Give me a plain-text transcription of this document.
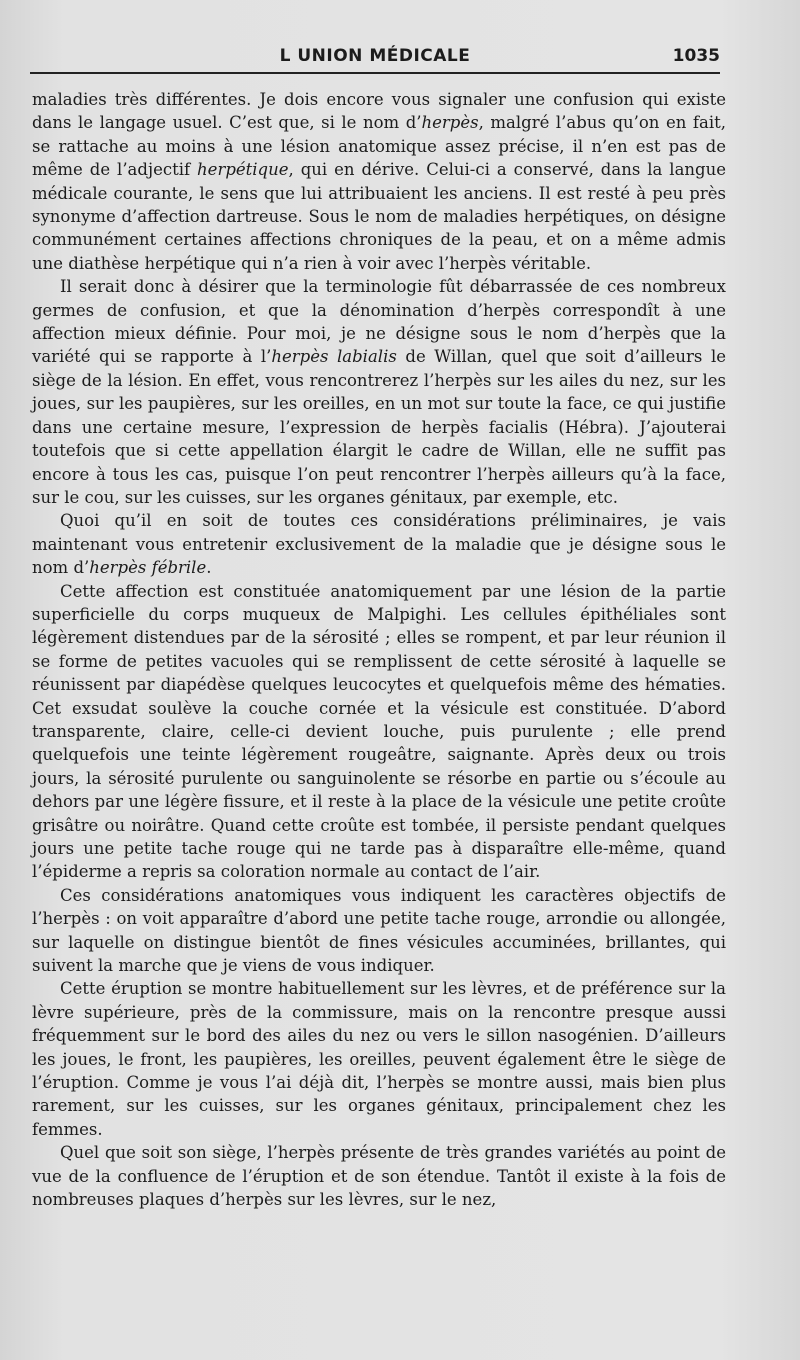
L UNION MÉDICALE	1035

maladies très différentes. Je dois encore vous signaler une confusion qui existe dans le langage usuel. C’est que, si le nom d’herpès, malgré l’abus qu’on en fait, se rattache au moins à une lésion anatomique assez précise, il n’en est pas de même de l’adjectif herpétique, qui en dérive. Celui-ci a conservé, dans la langue médicale courante, le sens que lui attribuaient les anciens. Il est resté à peu près synonyme d’affection dartreuse. Sous le nom de maladies herpétiques, on désigne communément certaines affections chroniques de la peau, et on a même admis une diathèse herpétique qui n’a rien à voir avec l’herpès véritable.

Il serait donc à désirer que la terminologie fût débarrassée de ces nombreux germes de confusion, et que la dénomination d’herpès correspondît à une affection mieux définie. Pour moi, je ne désigne sous le nom d’herpès que la variété qui se rapporte à l’herpès labialis de Willan, quel que soit d’ailleurs le siège de la lésion. En effet, vous rencontrerez l’herpès sur les ailes du nez, sur les joues, sur les paupières, sur les oreilles, en un mot sur toute la face, ce qui justifie dans une certaine mesure, l’expression de herpès facialis (Hébra). J’ajouterai toutefois que si cette appellation élargit le cadre de Willan, elle ne suffit pas encore à tous les cas, puisque l’on peut rencontrer l’herpès ailleurs qu’à la face, sur le cou, sur les cuisses, sur les organes génitaux, par exemple, etc.

Quoi qu’il en soit de toutes ces considérations préliminaires, je vais maintenant vous entretenir exclusivement de la maladie que je désigne sous le nom d’herpès fébrile.

Cette affection est constituée anatomiquement par une lésion de la partie superficielle du corps muqueux de Malpighi. Les cellules épithéliales sont légèrement distendues par de la sérosité ; elles se rompent, et par leur réunion il se forme de petites vacuoles qui se remplissent de cette sérosité à laquelle se réunissent par diapédèse quelques leucocytes et quelquefois même des hématies. Cet exsudat soulève la couche cornée et la vésicule est constituée. D’abord transparente, claire, celle-ci devient louche, puis purulente ; elle prend quelquefois une teinte légèrement rougeâtre, saignante. Après deux ou trois jours, la sérosité purulente ou sanguinolente se résorbe en partie ou s’écoule au dehors par une légère fissure, et il reste à la place de la vésicule une petite croûte grisâtre ou noirâtre. Quand cette croûte est tombée, il persiste pendant quelques jours une petite tache rouge qui ne tarde pas à disparaître elle-même, quand l’épiderme a repris sa coloration normale au contact de l’air.

Ces considérations anatomiques vous indiquent les caractères objectifs de l’herpès : on voit apparaître d’abord une petite tache rouge, arrondie ou allongée, sur laquelle on distingue bientôt de fines vésicules accuminées, brillantes, qui suivent la marche que je viens de vous indiquer.

Cette éruption se montre habituellement sur les lèvres, et de préférence sur la lèvre supérieure, près de la commissure, mais on la rencontre presque aussi fréquemment sur le bord des ailes du nez ou vers le sillon nasogénien. D’ailleurs les joues, le front, les paupières, les oreilles, peuvent également être le siège de l’éruption. Comme je vous l’ai déjà dit, l’herpès se montre aussi, mais bien plus rarement, sur les cuisses, sur les organes génitaux, principalement chez les femmes.

Quel que soit son siège, l’herpès présente de très grandes variétés au point de vue de la confluence de l’éruption et de son étendue. Tantôt il existe à la fois de nombreuses plaques d’herpès sur les lèvres, sur le nez,
